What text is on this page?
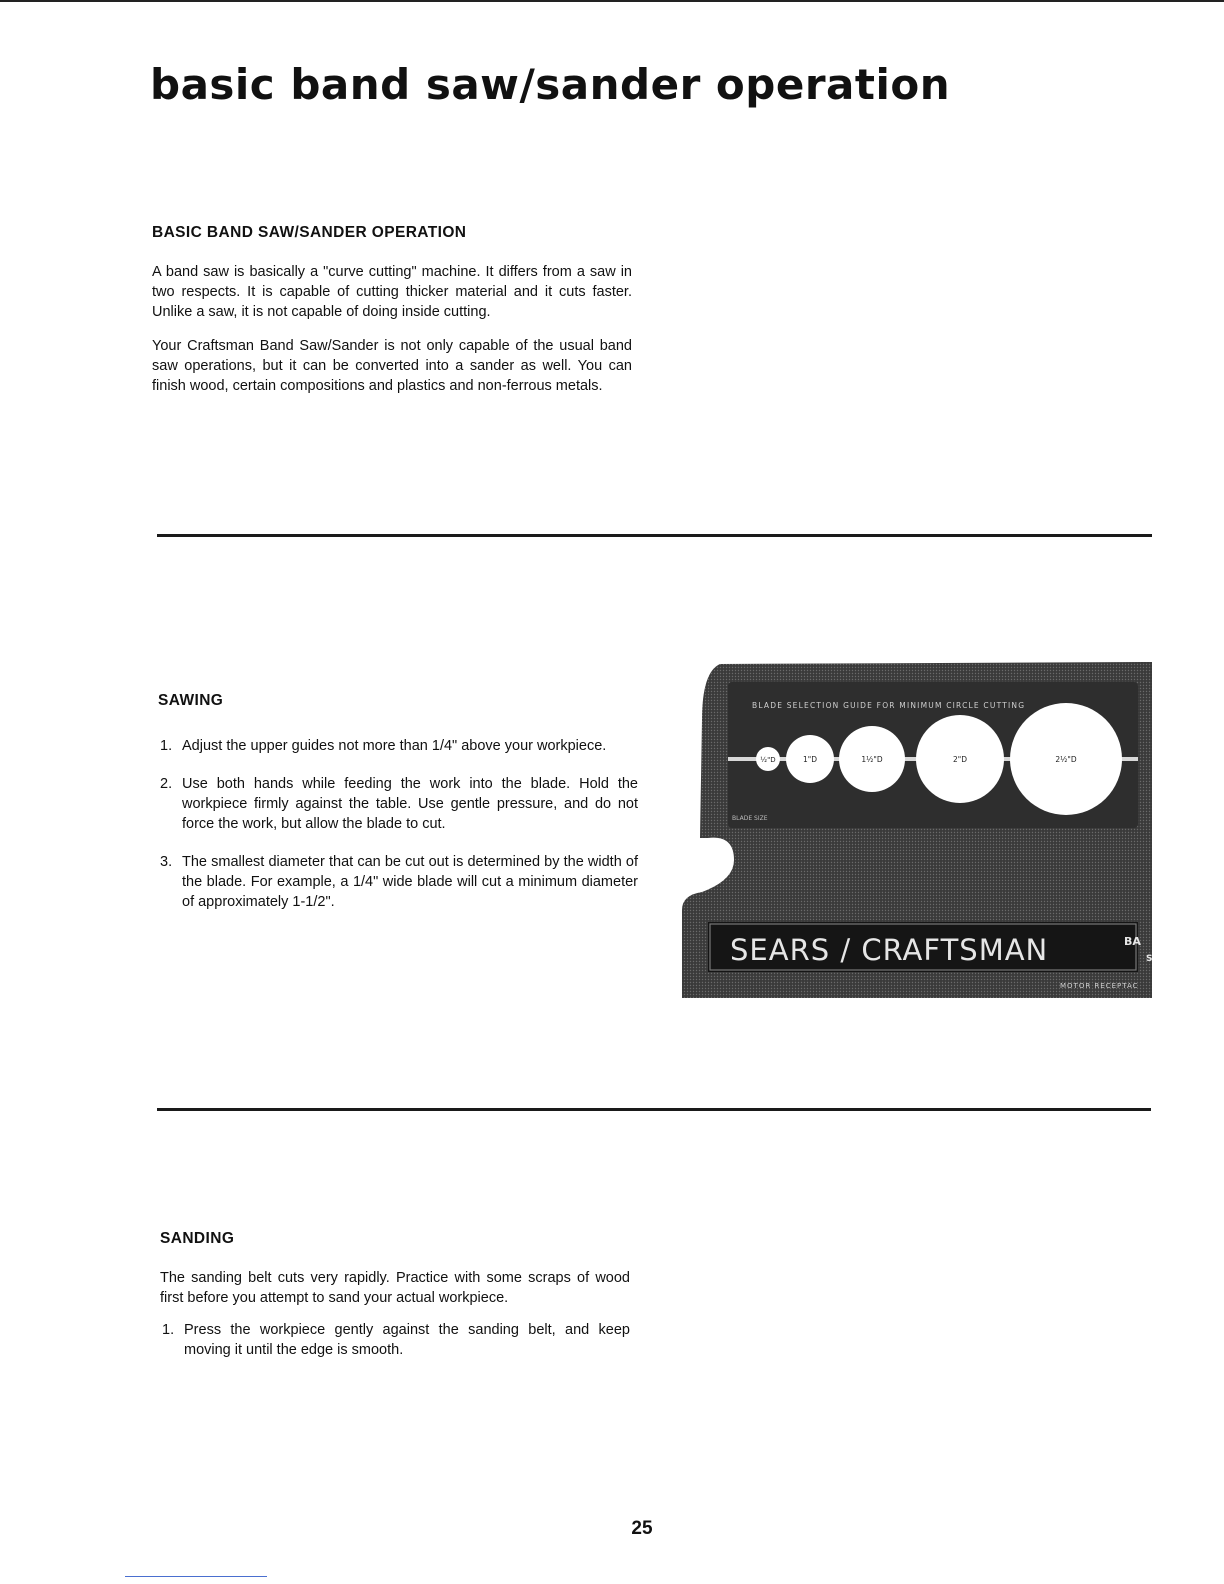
basic band saw/sander operation
BASIC BAND SAW/SANDER OPERATION

A band saw is basically a "curve cutting" machine. It differs from a saw in two respects. It is capable of cutting thicker material and it cuts faster. Unlike a saw, it is not capable of doing inside cutting.

Your Craftsman Band Saw/Sander is not only capable of the usual band saw operations, but it can be converted into a sander as well. You can finish wood, certain compositions and plastics and non-ferrous metals.

SAWING
1. Adjust the upper guides not more than 1/4" above your workpiece.
2. Use both hands while feeding the work into the blade. Hold the workpiece firmly against the table. Use gentle pressure, and do not force the work, but allow the blade to cut.
3. The smallest diameter that can be cut out is determined by the width of the blade. For example, a 1/4" wide blade will cut a minimum diameter of approximately 1-1/2".
BLADE SELECTION GUIDE FOR MINIMUM CIRCLE CUTTING
BLADE SIZE
½"D	1"D	1½"D	2"D	2½"D
SEARS / CRAFTSMAN	BA
S
MOTOR RECEPTAC
SANDING

The sanding belt cuts very rapidly. Practice with some scraps of wood first before you attempt to sand your actual workpiece.

1. Press the workpiece gently against the sanding belt, and keep moving it until the edge is smooth.
25
